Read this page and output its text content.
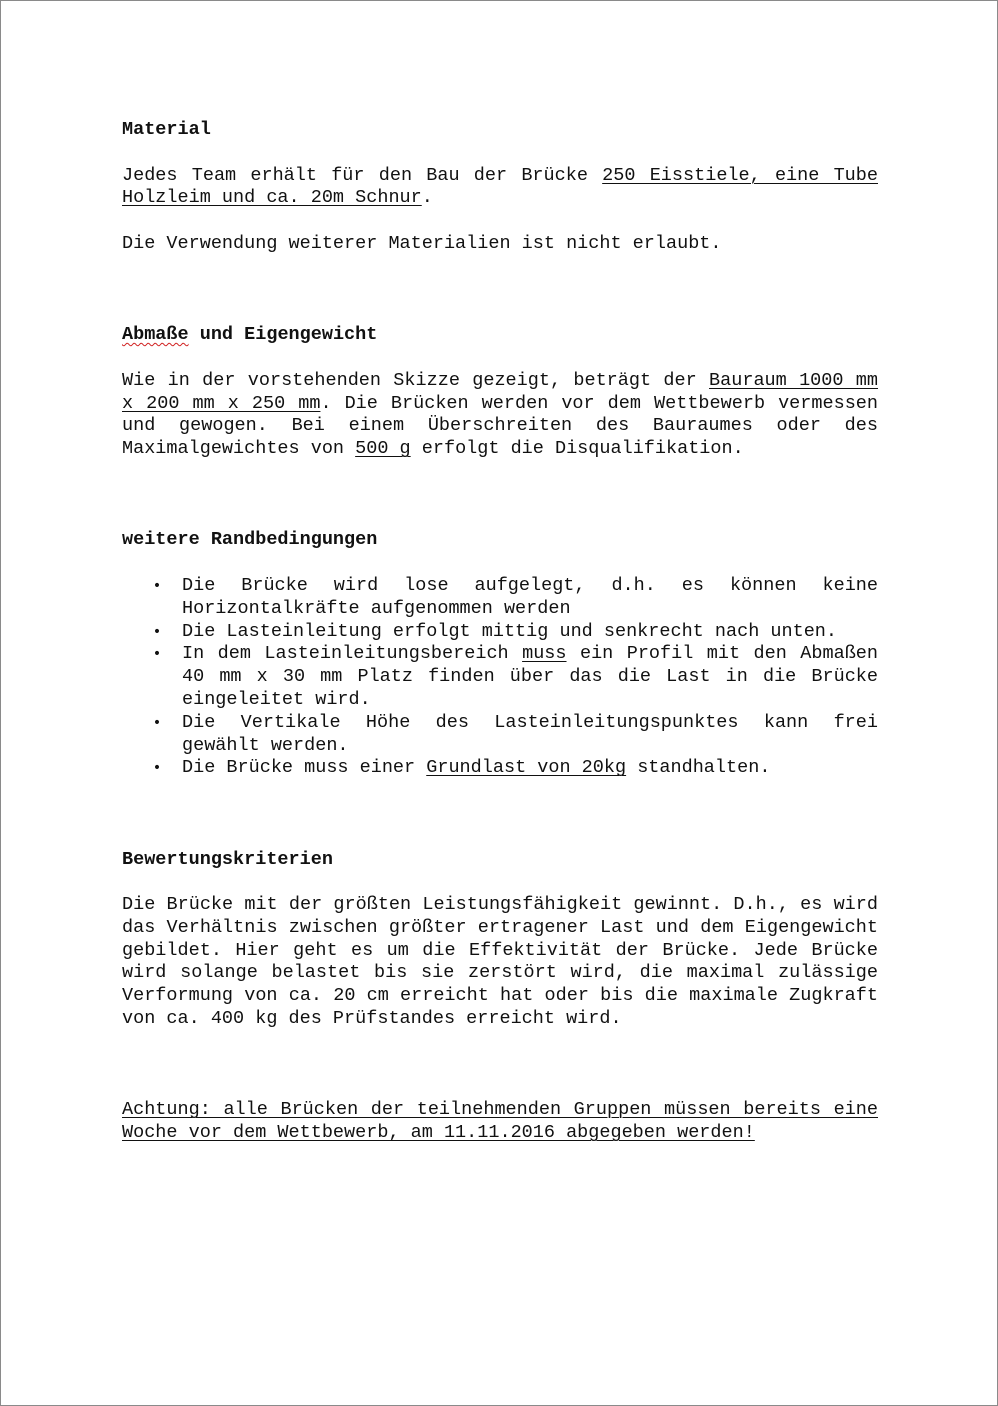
Material

Jedes Team erhält für den Bau der Brücke 250 Eisstiele, eine Tube Holzleim und ca. 20m Schnur.

Die Verwendung weiterer Materialien ist nicht erlaubt.

Abmaße und Eigengewicht

Wie in der vorstehenden Skizze gezeigt, beträgt der Bauraum 1000 mm x 200 mm x 250 mm. Die Brücken werden vor dem Wettbewerb vermessen und gewogen. Bei einem Überschreiten des Bauraumes oder des Maximalgewichtes von 500 g erfolgt die Disqualifikation.

weitere Randbedingungen
• Die Brücke wird lose aufgelegt, d.h. es können keine Horizontalkräfte aufgenommen werden
• Die Lasteinleitung erfolgt mittig und senkrecht nach unten.
• In dem Lasteinleitungsbereich muss ein Profil mit den Abmaßen 40 mm x 30 mm Platz finden über das die Last in die Brücke eingeleitet wird.
• Die Vertikale Höhe des Lasteinleitungspunktes kann frei gewählt werden.
• Die Brücke muss einer Grundlast von 20kg standhalten.
Bewertungskriterien

Die Brücke mit der größten Leistungsfähigkeit gewinnt. D.h., es wird das Verhältnis zwischen größter ertragener Last und dem Eigengewicht gebildet. Hier geht es um die Effektivität der Brücke. Jede Brücke wird solange belastet bis sie zerstört wird, die maximal zulässige Verformung von ca. 20 cm erreicht hat oder bis die maximale Zugkraft von ca. 400 kg des Prüfstandes erreicht wird.

Achtung: alle Brücken der teilnehmenden Gruppen müssen bereits eine Woche vor dem Wettbewerb, am 11.11.2016 abgegeben werden!
